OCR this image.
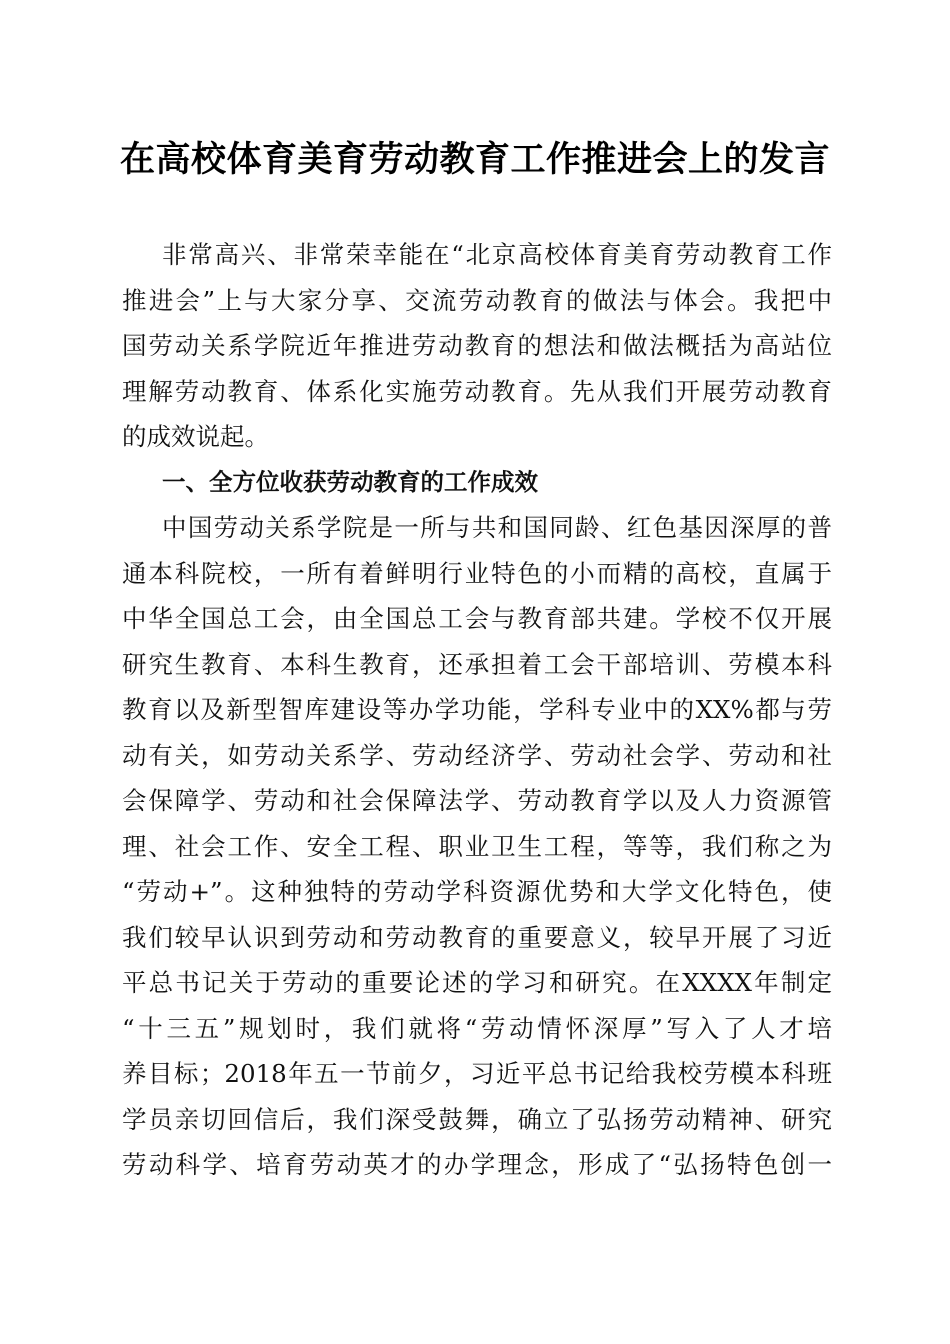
在高校体育美育劳动教育工作推进会上的发言
非常高兴、非常荣幸能在“北京高校体育美育劳动教育工作
推进会”上与大家分享、交流劳动教育的做法与体会。我把中
国劳动关系学院近年推进劳动教育的想法和做法概括为高站位
理解劳动教育、体系化实施劳动教育。先从我们开展劳动教育
的成效说起。
一、全方位收获劳动教育的工作成效
中国劳动关系学院是一所与共和国同龄、红色基因深厚的普
通本科院校，一所有着鲜明行业特色的小而精的高校，直属于
中华全国总工会，由全国总工会与教育部共建。学校不仅开展
研究生教育、本科生教育，还承担着工会干部培训、劳模本科
教育以及新型智库建设等办学功能，学科专业中的XX%都与劳
动有关，如劳动关系学、劳动经济学、劳动社会学、劳动和社
会保障学、劳动和社会保障法学、劳动教育学以及人力资源管
理、社会工作、安全工程、职业卫生工程，等等，我们称之为
“劳动+”。这种独特的劳动学科资源优势和大学文化特色，使
我们较早认识到劳动和劳动教育的重要意义，较早开展了习近
平总书记关于劳动的重要论述的学习和研究。在XXXX年制定
“十三五”规划时，我们就将“劳动情怀深厚”写入了人才培
养目标；2018年五一节前夕，习近平总书记给我校劳模本科班
学员亲切回信后，我们深受鼓舞，确立了弘扬劳动精神、研究
劳动科学、培育劳动英才的办学理念，形成了“弘扬特色创一
